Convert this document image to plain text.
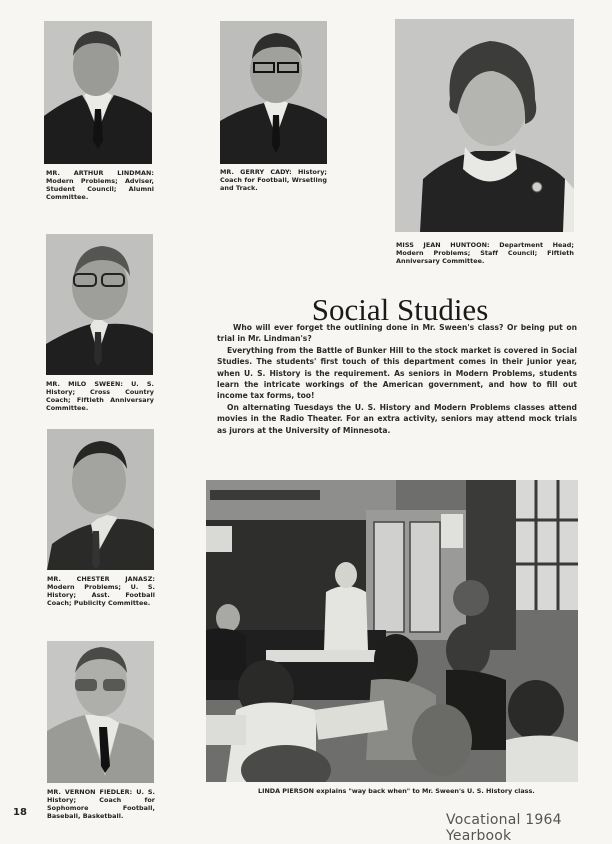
MR. ARTHUR LINDMAN: Modern Problems; Adviser, Student Council; Alumni Committee.
MR. GERRY CADY: History; Coach for Football, Wrsetling and Track.
MISS JEAN HUNTOON: Department Head; Modern Problems; Staff Council; Fiftieth Anniversary Committee.
MR. MILO SWEEN: U. S. History; Cross Country Coach; Fiftieth Anniversary Committee.
MR. CHESTER JANASZ: Modern Problems; U. S. History; Asst. Football Coach; Publicity Committee.
MR. VERNON FIEDLER: U. S. History; Coach for Sophomore Football, Baseball, Basketball.
Social Studies

Who will ever forget the outlining done in Mr. Sween's class? Or being put on trial in Mr. Lindman's?

Everything from the Battle of Bunker Hill to the stock market is covered in Social Studies. The students' first touch of this department comes in their junior year, when U. S. History is the requirement. As seniors in Modern Problems, students learn the intricate workings of the American government, and how to fill out income tax forms, too!

On alternating Tuesdays the U. S. History and Modern Problems classes attend movies in the Radio Theater. For an extra activity, seniors may attend mock trials as jurors at the University of Minnesota.

LINDA PIERSON explains "way back when" to Mr. Sween's U. S. History class.
18	Vocational 1964 Yearbook
